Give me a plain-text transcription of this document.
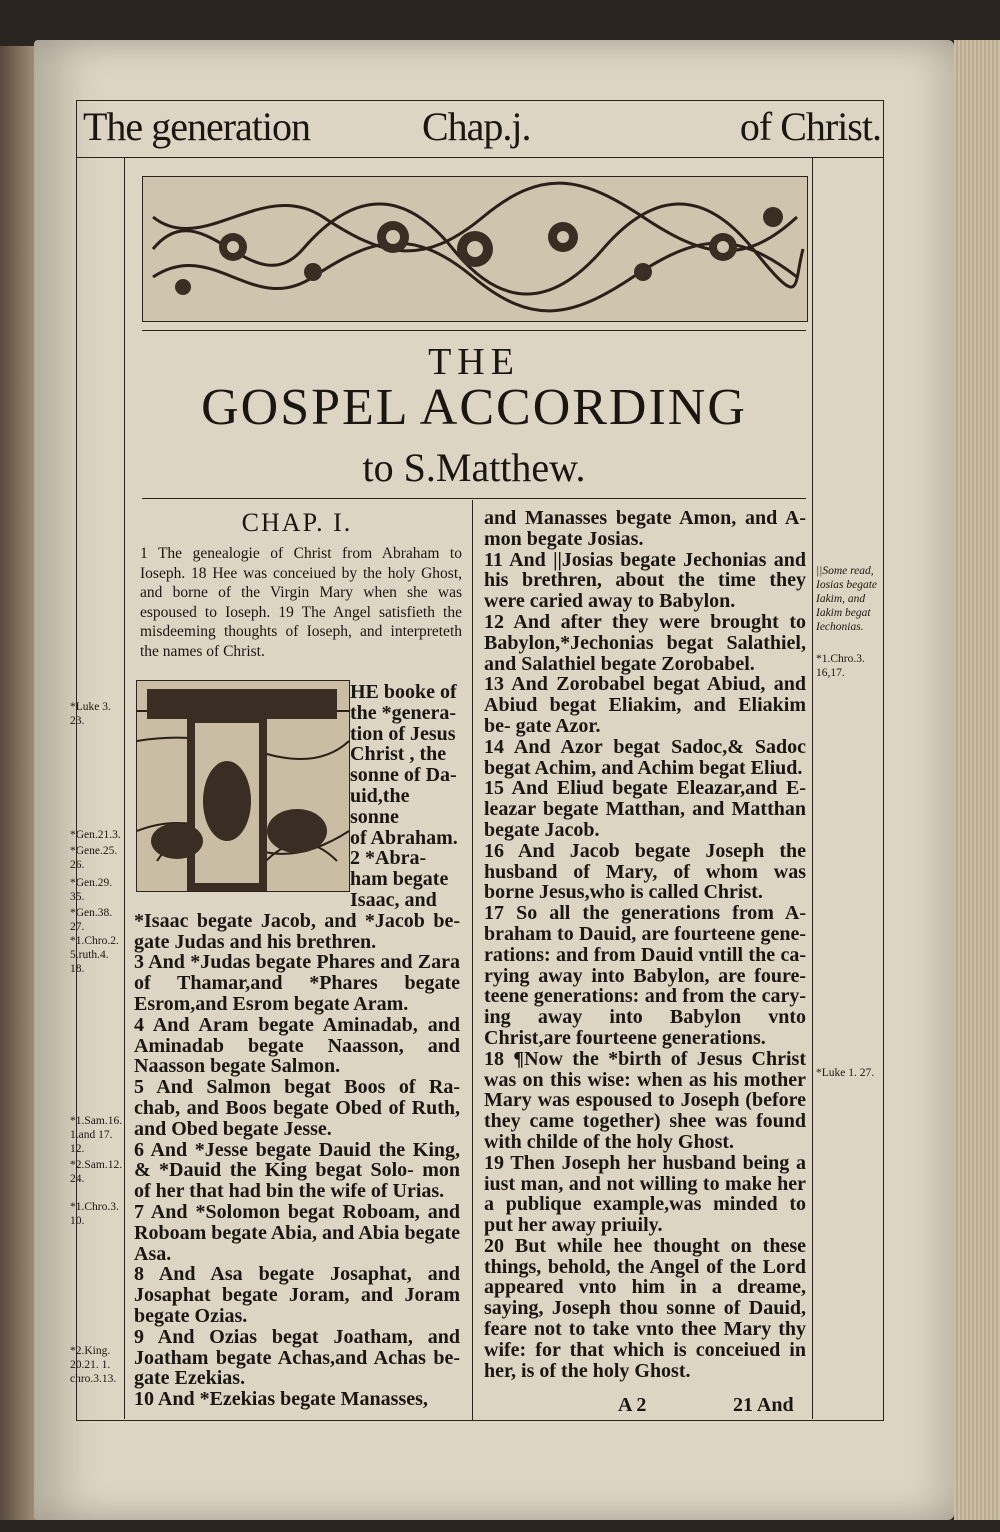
The generation	Chap.j.	of Christ.
THE
GOSPEL ACCORDING
to S.Matthew.
CHAP. I.
1 The genealogie of Christ from Abraham to Ioseph. 18 Hee was conceiued by the holy Ghost, and borne of the Virgin Mary when she was espoused to Ioseph. 19 The Angel satisfieth the misdeeming thoughts of Ioseph, and interpreteth the names of Christ.
HE booke of
the *genera-
tion of Jesus
Christ , the
sonne of Da-
uid,the sonne
of Abraham.
2 *Abra-
ham begate
Isaac, and

*Isaac begate Jacob, and *Jacob be- gate Judas and his brethren.

3 And *Judas begate Phares and Zara of Thamar,and *Phares begate Esrom,and Esrom begate Aram.

4 And Aram begate Aminadab, and Aminadab begate Naasson, and Naasson begate Salmon.

5 And Salmon begat Boos of Ra- chab, and Boos begate Obed of Ruth, and Obed begate Jesse.

6 And *Jesse begate Dauid the King, & *Dauid the King begat Solo- mon of her that had bin the wife of Urias.

7 And *Solomon begat Roboam, and Roboam begate Abia, and Abia begate Asa.

8 And Asa begate Josaphat, and Josaphat begate Joram, and Joram begate Ozias.

9 And Ozias begat Joatham, and Joatham begate Achas,and Achas be- gate Ezekias.

10 And *Ezekias begate Manasses,

and Manasses begate Amon, and A- mon begate Josias.

11 And ||Josias begate Jechonias and his brethren, about the time they were caried away to Babylon.

12 And after they were brought to Babylon,*Jechonias begat Salathiel, and Salathiel begate Zorobabel.

13 And Zorobabel begat Abiud, and Abiud begat Eliakim, and Eliakim be- gate Azor.

14 And Azor begat Sadoc,& Sadoc begat Achim, and Achim begat Eliud.

15 And Eliud begate Eleazar,and E- leazar begate Matthan, and Matthan begate Jacob.

16 And Jacob begate Joseph the husband of Mary, of whom was borne Jesus,who is called Christ.

17 So all the generations from A- braham to Dauid, are fourteene gene- rations: and from Dauid vntill the ca- rying away into Babylon, are foure- teene generations: and from the cary- ing away into Babylon vnto Christ,are fourteene generations.

18 ¶Now the *birth of Jesus Christ was on this wise: when as his mother Mary was espoused to Joseph (before they came together) shee was found with childe of the holy Ghost.

19 Then Joseph her husband being a iust man, and not willing to make her a publique example,was minded to put her away priuily.

20 But while hee thought on these things, behold, the Angel of the Lord appeared vnto him in a dreame, saying, Joseph thou sonne of Dauid, feare not to take vnto thee Mary thy wife: for that which is conceiued in her, is of the holy Ghost.

*Luke 3. 23.
*Gen.21.3.
*Gene.25. 26.
*Gen.29. 35.
*Gen.38. 27.
*1.Chro.2. 5.ruth.4. 18.
*1.Sam.16. 1.and 17. 12.
*2.Sam.12. 24.
*1.Chro.3. 10.
*2.King. 20.21. 1. chro.3.13.
||Some read, Iosias begate Iakim, and Iakim begat Iechonias.
*1.Chro.3. 16,17.
*Luke 1. 27.
A 2	21 And
